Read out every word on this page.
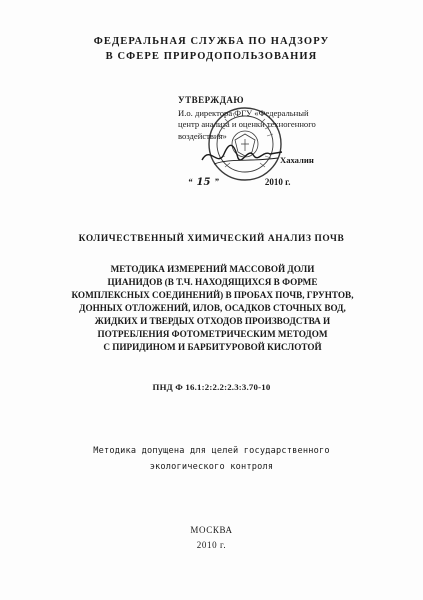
ФЕДЕРАЛЬНАЯ СЛУЖБА ПО НАДЗОРУ
В СФЕРЕ ПРИРОДОПОЛЬЗОВАНИЯ
УТВЕРЖДАЮ
И.о. директора ФГУ «Федеральный
центр анализа и оценки техногенного
воздействия»
Хахалин
“ 15 ”	2010 г.
КОЛИЧЕСТВЕННЫЙ ХИМИЧЕСКИЙ АНАЛИЗ ПОЧВ
МЕТОДИКА ИЗМЕРЕНИЙ МАССОВОЙ ДОЛИ
ЦИАНИДОВ (В Т.Ч. НАХОДЯЩИХСЯ В ФОРМЕ
КОМПЛЕКСНЫХ СОЕДИНЕНИЙ) В ПРОБАХ ПОЧВ, ГРУНТОВ,
ДОННЫХ ОТЛОЖЕНИЙ, ИЛОВ, ОСАДКОВ СТОЧНЫХ ВОД,
ЖИДКИХ И ТВЕРДЫХ ОТХОДОВ ПРОИЗВОДСТВА И
ПОТРЕБЛЕНИЯ ФОТОМЕТРИЧЕСКИМ МЕТОДОМ
С ПИРИДИНОМ И БАРБИТУРОВОЙ КИСЛОТОЙ
ПНД Ф 16.1:2:2.2:2.3:3.70-10
Методика допущена для целей государственного
экологического контроля
МОСКВА
2010 г.
